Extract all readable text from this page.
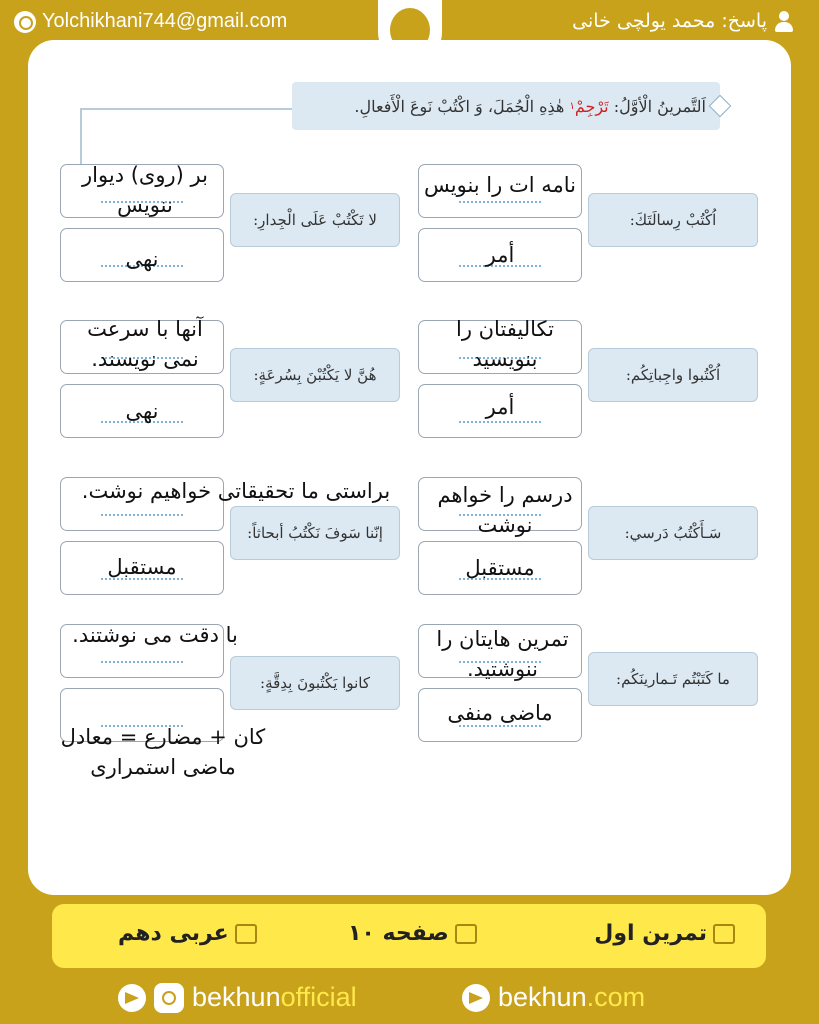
Yolchikhani744@gmail.com	پاسخ: محمد یولچی خانی
اَلتَّمرینُ الْأوَّلُ:

تَرْجِمْ
۱

هٰذِهِ الْجُمَلَ، وَ اكْتُبْ نَوعَ الْأَفعالِ.
اُكْتُبْ رِسالَتَكَ:
نامه ات را بنویس
أمر
لا تَكْتُبْ عَلَى الْجِدارِ:
بر (روی) دیوار ننویس
نهی
اُكْتُبوا واجِباتِكُم:
تکالیفتان را بنویسید
أمر
هُنَّ لا يَكْتُبْنَ بِسُرعَةٍ:
آنها با سرعت نمی نویسند.
نهی
سَـأَكْتُبُ دَرسي:
درسم را خواهم نوشت
مستقبل
إنّنا سَوفَ نَكْتُبُ أبحاثاً:
براستی ما تحقیقاتی خواهیم نوشت.
مستقبل
ما كَتَبْتُم تَـمارينَكُم:
تمرین هایتان را ننوشتید.
ماضی منفی
كانوا يَكْتُبونَ بِدِقَّةٍ:
با دقت می نوشتند.
کان + مضارع = معادل ماضی استمراری
تمرین اول
صفحه ۱۰
عربی دهم
bekhunofficial	bekhun.com
